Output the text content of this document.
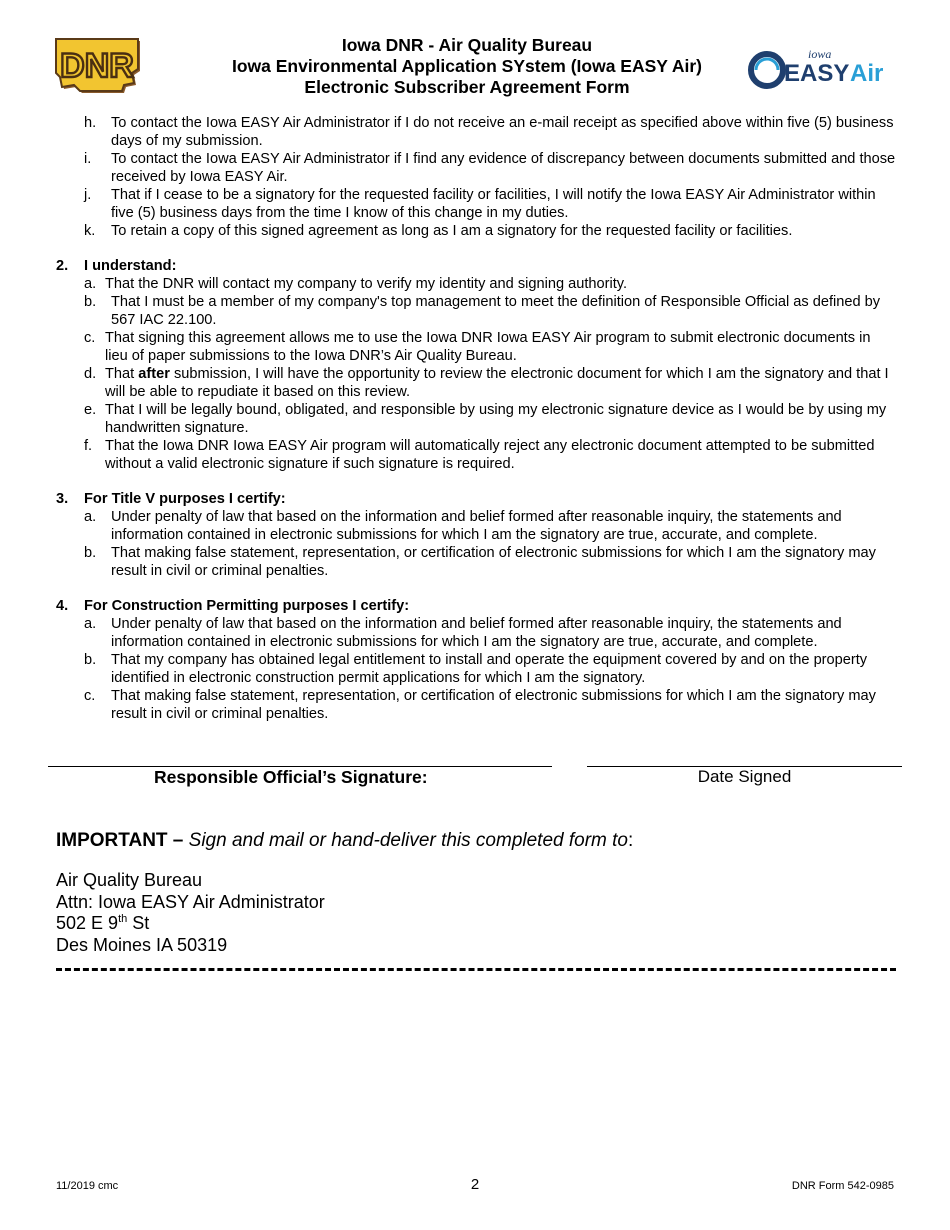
DNR
Iowa DNR - Air Quality Bureau
Iowa Environmental Application SYstem (Iowa EASY Air)
Electronic Subscriber Agreement Form
iowa
EASY Air
h. To contact the Iowa EASY Air Administrator if I do not receive an e-mail receipt as specified above within five (5) business days of my submission.
i. To contact the Iowa EASY Air Administrator if I find any evidence of discrepancy between documents submitted and those received by Iowa EASY Air.
j. That if I cease to be a signatory for the requested facility or facilities, I will notify the Iowa EASY Air Administrator within five (5) business days from the time I know of this change in my duties.
k. To retain a copy of this signed agreement as long as I am a signatory for the requested facility or facilities.
2. I understand:
a. That the DNR will contact my company to verify my identity and signing authority.
b. That I must be a member of my company's top management to meet the definition of Responsible Official as defined by 567 IAC 22.100.
c. That signing this agreement allows me to use the Iowa DNR Iowa EASY Air program to submit electronic documents in lieu of paper submissions to the Iowa DNR’s Air Quality Bureau.
d. That after submission, I will have the opportunity to review the electronic document for which I am the signatory and that I will be able to repudiate it based on this review.
e. That I will be legally bound, obligated, and responsible by using my electronic signature device as I would be by using my handwritten signature.
f. That the Iowa DNR Iowa EASY Air program will automatically reject any electronic document attempted to be submitted without a valid electronic signature if such signature is required.
3. For Title V purposes I certify:
a. Under penalty of law that based on the information and belief formed after reasonable inquiry, the statements and information contained in electronic submissions for which I am the signatory are true, accurate, and complete.
b. That making false statement, representation, or certification of electronic submissions for which I am the signatory may result in civil or criminal penalties.
4. For Construction Permitting purposes I certify:
a. Under penalty of law that based on the information and belief formed after reasonable inquiry, the statements and information contained in electronic submissions for which I am the signatory are true, accurate, and complete.
b. That my company has obtained legal entitlement to install and operate the equipment covered by and on the property identified in electronic construction permit applications for which I am the signatory.
c. That making false statement, representation, or certification of electronic submissions for which I am the signatory may result in civil or criminal penalties.
Responsible Official’s Signature:	Date Signed
IMPORTANT – Sign and mail or hand-deliver this completed form to:
Air Quality Bureau
Attn: Iowa EASY Air Administrator
502 E 9th St
Des Moines IA 50319
11/2019 cmc	2	DNR Form 542-0985
